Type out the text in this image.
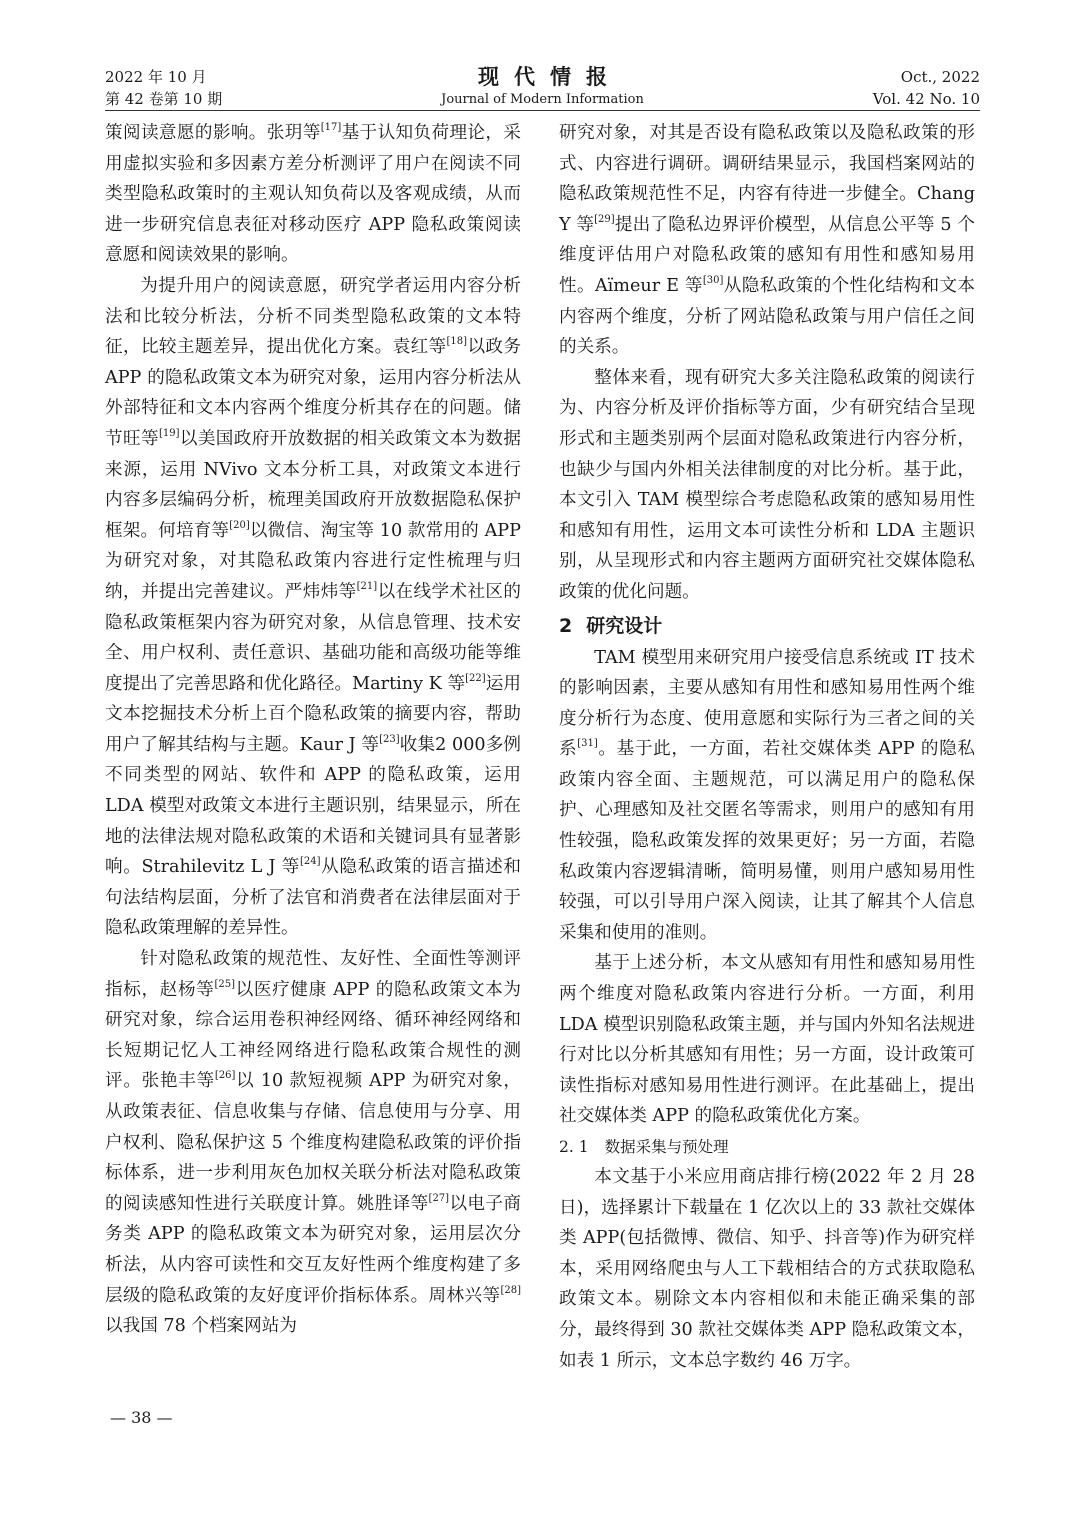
2022 年 10 月
第 42 卷第 10 期
现代情报
Journal of Modern Information
Oct., 2022
Vol. 42 No. 10

策阅读意愿的影响。张玥等[17]基于认知负荷理论，采用虚拟实验和多因素方差分析测评了用户在阅读不同类型隐私政策时的主观认知负荷以及客观成绩，从而进一步研究信息表征对移动医疗 APP 隐私政策阅读意愿和阅读效果的影响。

为提升用户的阅读意愿，研究学者运用内容分析法和比较分析法，分析不同类型隐私政策的文本特征，比较主题差异，提出优化方案。袁红等[18]以政务 APP 的隐私政策文本为研究对象，运用内容分析法从外部特征和文本内容两个维度分析其存在的问题。储节旺等[19]以美国政府开放数据的相关政策文本为数据来源，运用 NVivo 文本分析工具，对政策文本进行内容多层编码分析，梳理美国政府开放数据隐私保护框架。何培育等[20]以微信、淘宝等 10 款常用的 APP 为研究对象，对其隐私政策内容进行定性梳理与归纳，并提出完善建议。严炜炜等[21]以在线学术社区的隐私政策框架内容为研究对象，从信息管理、技术安全、用户权利、责任意识、基础功能和高级功能等维度提出了完善思路和优化路径。Martiny K 等[22]运用文本挖掘技术分析上百个隐私政策的摘要内容，帮助用户了解其结构与主题。Kaur J 等[23]收集2 000多例不同类型的网站、软件和 APP 的隐私政策，运用 LDA 模型对政策文本进行主题识别，结果显示，所在地的法律法规对隐私政策的术语和关键词具有显著影响。Strahilevitz L J 等[24]从隐私政策的语言描述和句法结构层面，分析了法官和消费者在法律层面对于隐私政策理解的差异性。

针对隐私政策的规范性、友好性、全面性等测评指标，赵杨等[25]以医疗健康 APP 的隐私政策文本为研究对象，综合运用卷积神经网络、循环神经网络和长短期记忆人工神经网络进行隐私政策合规性的测评。张艳丰等[26]以 10 款短视频 APP 为研究对象，从政策表征、信息收集与存储、信息使用与分享、用户权利、隐私保护这 5 个维度构建隐私政策的评价指标体系，进一步利用灰色加权关联分析法对隐私政策的阅读感知性进行关联度计算。姚胜译等[27]以电子商务类 APP 的隐私政策文本为研究对象，运用层次分析法，从内容可读性和交互友好性两个维度构建了多层级的隐私政策的友好度评价指标体系。周林兴等[28]以我国 78 个档案网站为

研究对象，对其是否设有隐私政策以及隐私政策的形式、内容进行调研。调研结果显示，我国档案网站的隐私政策规范性不足，内容有待进一步健全。Chang Y 等[29]提出了隐私边界评价模型，从信息公平等 5 个维度评估用户对隐私政策的感知有用性和感知易用性。Aïmeur E 等[30]从隐私政策的个性化结构和文本内容两个维度，分析了网站隐私政策与用户信任之间的关系。

整体来看，现有研究大多关注隐私政策的阅读行为、内容分析及评价指标等方面，少有研究结合呈现形式和主题类别两个层面对隐私政策进行内容分析，也缺少与国内外相关法律制度的对比分析。基于此，本文引入 TAM 模型综合考虑隐私政策的感知易用性和感知有用性，运用文本可读性分析和 LDA 主题识别，从呈现形式和内容主题两方面研究社交媒体隐私政策的优化问题。

2 研究设计

TAM 模型用来研究用户接受信息系统或 IT 技术的影响因素，主要从感知有用性和感知易用性两个维度分析行为态度、使用意愿和实际行为三者之间的关系[31]。基于此，一方面，若社交媒体类 APP 的隐私政策内容全面、主题规范，可以满足用户的隐私保护、心理感知及社交匿名等需求，则用户的感知有用性较强，隐私政策发挥的效果更好；另一方面，若隐私政策内容逻辑清晰，简明易懂，则用户感知易用性较强，可以引导用户深入阅读，让其了解其个人信息采集和使用的准则。

基于上述分析，本文从感知有用性和感知易用性两个维度对隐私政策内容进行分析。一方面，利用 LDA 模型识别隐私政策主题，并与国内外知名法规进行对比以分析其感知有用性；另一方面，设计政策可读性指标对感知易用性进行测评。在此基础上，提出社交媒体类 APP 的隐私政策优化方案。

2. 1 数据采集与预处理

本文基于小米应用商店排行榜(2022 年 2 月 28 日)，选择累计下载量在 1 亿次以上的 33 款社交媒体类 APP(包括微博、微信、知乎、抖音等)作为研究样本，采用网络爬虫与人工下载相结合的方式获取隐私政策文本。剔除文本内容相似和未能正确采集的部分，最终得到 30 款社交媒体类 APP 隐私政策文本，如表 1 所示，文本总字数约 46 万字。

— 38 —
